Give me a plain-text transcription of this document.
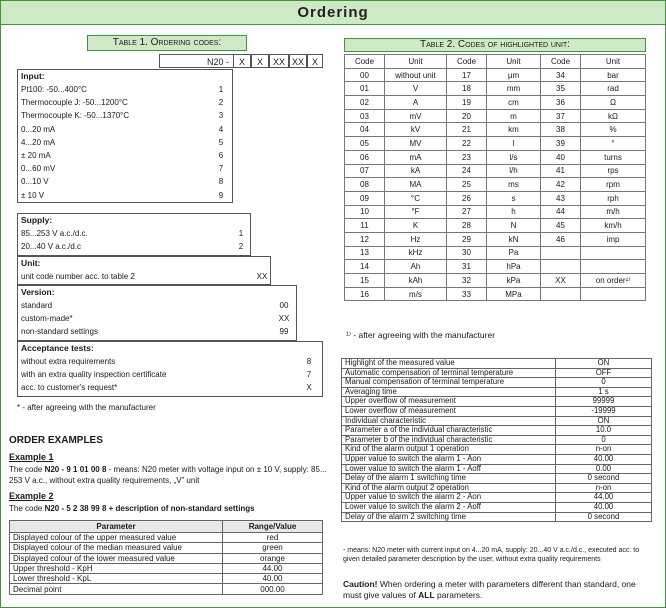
Ordering
Table 1. Ordering codes:
N20 -	X	X	XX XX X
Input:
Pt100: -50...400°C	1
Thermocouple J: -50...1200°C	2
Thermocouple K: -50...1370°C	3
0...20 mA	4
4...20 mA	5
± 20 mA	6
0...60 mV	7
0...10 V	8
± 10 V	9
Supply:
85...253 V a.c./d.c.	1
20...40 V a.c./d.c	2
Unit:
unit code number acc. to table 2	XX
Version:
standard	00
custom-made*	XX
non-standard settings	99
Acceptance tests:
without extra requirements	8
with an extra quality inspection certificate	7
acc. to customer's request*	X
* - after agreeing with the manufacturer
Table 2. Codes of highlighted unit:
Code	Unit	Code	Unit	Code	Unit
00	without unit	17	µm	34	bar
01	V	18	mm	35	rad
02	A	19	cm	36	Ω
03	mV	20	m	37	kΩ
04	kV	21	km	38	%
05	MV	22	l	39	°
06	mA	23	l/s	40	turns
07	kA	24	l/h	41	rps
08	MA	25	ms	42	rpm
09	°C	26	s	43	rph
10	°F	27	h	44	m/h
11	K	28	N	45	km/h
12	Hz	29	kN	46	imp
13	kHz	30	Pa		
14	Ah	31	hPa		
15	kAh	32	kPa	XX	on order¹⁾
16	m/s	33	MPa		
¹⁾ - after agreeing with the manufacturer
Highlight of the measured value	ON
Automatic compensation of terminal temperature	OFF
Manual compensation of terminal temperature	0
Averaging time	1 s
Upper overflow of measurement	99999
Lower overflow of measurement	-19999
Individual characteristic	ON
Parameter a of the individual characteristic	10.0
Parameter b of the individual characteristic	0
Kind of the alarm output 1 operation	n-on
Upper value to switch the alarm 1 - Aon	40.00
Lower value to switch the alarm 1 - Aoff	0.00
Delay of the alarm 1 switching time	0 second
Kind of the alarm output 2 operation	n-on
Upper value to switch the alarm 2 - Aon	44.00
Lower value to switch the alarm 2 - Aoff	40.00
Delay of the alarm 2 switching time	0 second
- means: N20 meter with current input on 4...20 mA, supply: 20...40 V a.c./d.c., executed acc. to given detailed parameter description by the user, without extra quality requirements
Caution! When ordering a meter with parameters different than standard, one must give values of ALL parameters.
ORDER EXAMPLES
Example 1
The code N20 - 9 1 01 00 8 - means: N20 meter with voltage input on ± 10 V, supply: 85... 253 V a.c., without extra quality requirements, „V” unit
Example 2
The code N20 - 5 2 38 99 8 + description of non-standard settings
Parameter	Range/Value
Displayed colour of the upper measured value	red
Displayed colour of the median measured value	green
Displayed colour of the lower measured value	orange
Upper threshold - KpH	44.00
Lower threshold - KpL	40.00
Decimal point	000.00
